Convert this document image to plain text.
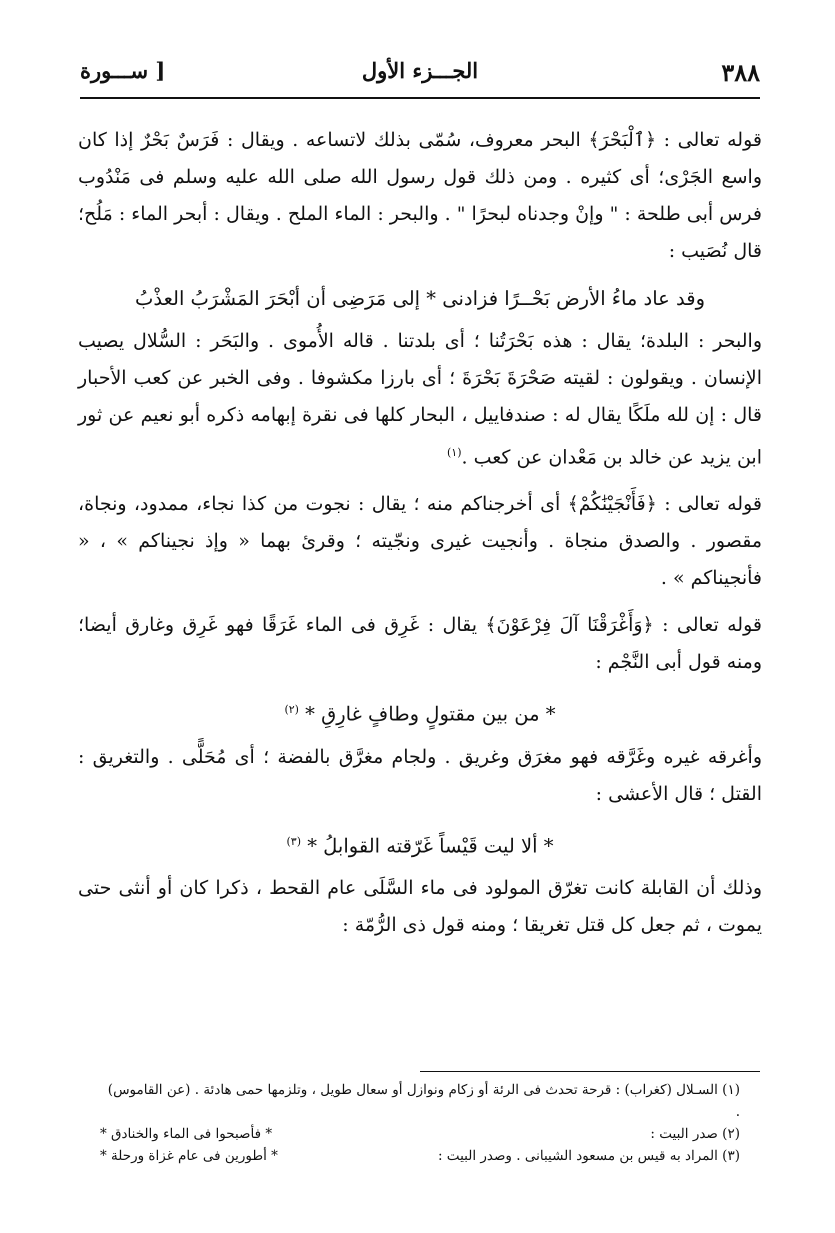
٣٨٨
الجـــزء الأول
[ ســـورة

قوله تعالى : ﴿ٱلْبَحْرَ﴾ البحر معروف، سُمّى بذلك لاتساعه . ويقال : فَرَسٌ بَحْرٌ إذا كان واسع الجَرْى؛ أى كثيره . ومن ذلك قول رسول الله صلى الله عليه وسلم فى مَنْدُوب فرس أبى طلحة : " وإنْ وجدناه لبحرًا " . والبحر : الماء الملح . ويقال : أبحر الماء : مَلُح؛ قال نُصَيب :

وقد عاد ماءُ الأرض بَحْــرًا فزادنى * إلى مَرَضِى أن أبْحَرَ المَشْرَبُ العذْبُ

والبحر : البلدة؛ يقال : هذه بَحْرَتُنا ؛ أى بلدتنا . قاله الأُموى . والبَحَر : السُّلال يصيب الإنسان . ويقولون : لقيته صَحْرَةَ بَحْرَةَ ؛ أى بارزا مكشوفا . وفى الخبر عن كعب الأحبار قال : إن لله ملَكًا يقال له : صندفاييل ، البحار كلها فى نقرة إبهامه ذكره أبو نعيم عن ثور ابن يزيد عن خالد بن مَعْدان عن كعب .$^{(١)}$

قوله تعالى : ﴿فَأَنْجَيْنَٰكُمْ﴾ أى أخرجناكم منه ؛ يقال : نجوت من كذا نجاء، ممدود، ونجاة، مقصور . والصدق منجاة . وأنجيت غيرى ونجّيته ؛ وقرئ بهما « وإذ نجيناكم » ، « فأنجيناكم » .

قوله تعالى : ﴿وَأَغْرَقْنَا آلَ فِرْعَوْنَ﴾ يقال : غَرِق فى الماء غَرَقًا فهو غَرِق وغارق أيضا؛ ومنه قول أبى النَّجْم :

* من بين مقتولٍ وطافٍ غارِقِ * $^{(٢)}$

وأغرقه غيره وغَرَّقه فهو مغرَق وغريق . ولجام مغرَّق بالفضة ؛ أى مُحَلًّى . والتغريق : القتل ؛ قال الأعشى :

* ألا ليت قَيْساً غَرّقته القوابلُ * $^{(٣)}$

وذلك أن القابلة كانت تغرّق المولود فى ماء السَّلَى عام القحط ، ذكرا كان أو أنثى حتى يموت ، ثم جعل كل قتل تغريقا ؛ ومنه قول ذى الرُّمّة :

(١) السـلال (كغراب) : قرحة تحدث فى الرئة أو زكام ونوازل أو سعال طويل ، وتلزمها حمى هادئة . (عن القاموس) .
(٢) صدر البيت :
* فأصبحوا فى الماء والخنادق *
(٣) المراد به قيس بن مسعود الشيبانى . وصدر البيت :
* أطورين فى عام غزاة ورحلة *
